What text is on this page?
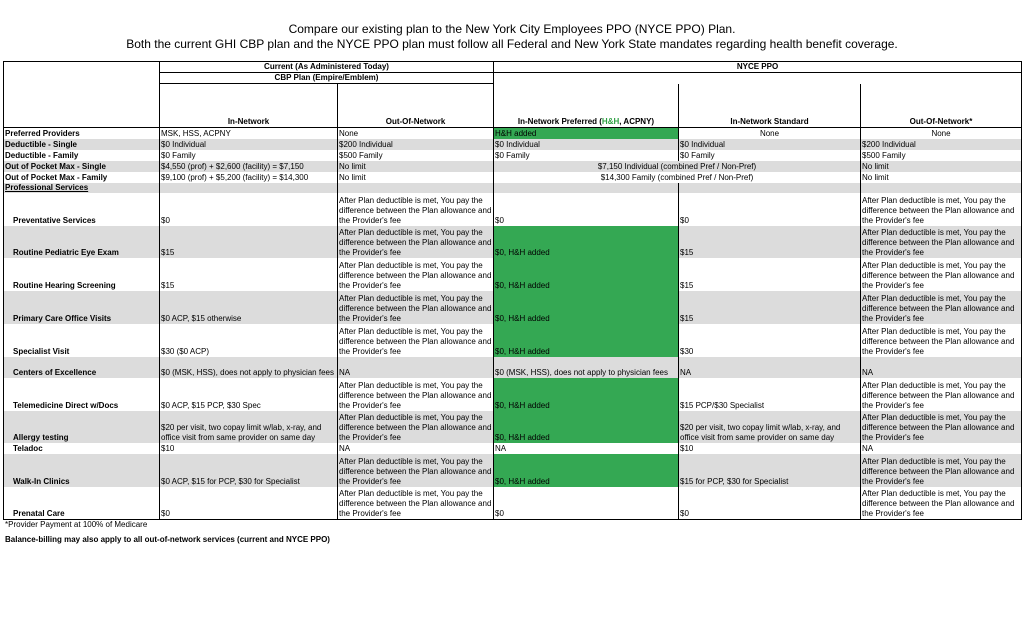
Compare our existing plan to the New York City Employees PPO (NYCE PPO) Plan.
Both the current GHI CBP plan and the NYCE PPO plan must follow all Federal and New York State mandates regarding health benefit coverage.
	Current (As Administered Today)		NYCE PPO		
	CBP Plan (Empire/Emblem)				
	In-Network	Out-Of-Network	In-Network Preferred (H&H, ACPNY)	In-Network Standard	Out-Of-Network*
Preferred Providers	MSK, HSS, ACPNY	None	H&H added	None	None
Deductible - Single	$0 Individual	$200 Individual	$0 Individual	$0 Individual	$200 Individual
Deductible - Family	$0 Family	$500 Family	$0 Family	$0 Family	$500 Family
Out of Pocket Max - Single	$4,550 (prof) + $2,600 (facility) = $7,150	No limit	$7,150 Individual (combined Pref / Non-Pref)		No limit
Out of Pocket Max - Family	$9,100 (prof) + $5,200 (facility) = $14,300	No limit	$14,300 Family (combined Pref / Non-Pref)		No limit
Professional Services					
Preventative Services	$0	After Plan deductible is met, You pay the difference between the Plan allowance and the Provider's fee	$0	$0	After Plan deductible is met, You pay the difference between the Plan allowance and the Provider's fee
Routine Pediatric Eye Exam	$15	After Plan deductible is met, You pay the difference between the Plan allowance and the Provider's fee	$0, H&H added	$15	After Plan deductible is met, You pay the difference between the Plan allowance and the Provider's fee
Routine Hearing Screening	$15	After Plan deductible is met, You pay the difference between the Plan allowance and the Provider's fee	$0, H&H added	$15	After Plan deductible is met, You pay the difference between the Plan allowance and the Provider's fee
Primary Care Office Visits	$0 ACP, $15 otherwise	After Plan deductible is met, You pay the difference between the Plan allowance and the Provider's fee	$0, H&H added	$15	After Plan deductible is met, You pay the difference between the Plan allowance and the Provider's fee
Specialist Visit	$30 ($0 ACP)	After Plan deductible is met, You pay the difference between the Plan allowance and the Provider's fee	$0, H&H added	$30	After Plan deductible is met, You pay the difference between the Plan allowance and the Provider's fee
Centers of Excellence	$0 (MSK, HSS), does not apply to physician fees	NA	$0 (MSK, HSS), does not apply to physician fees	NA	NA
Telemedicine Direct w/Docs	$0 ACP, $15 PCP, $30 Spec	After Plan deductible is met, You pay the difference between the Plan allowance and the Provider's fee	$0, H&H added	$15 PCP/$30 Specialist	After Plan deductible is met, You pay the difference between the Plan allowance and the Provider's fee
Allergy testing	$20 per visit, two copay limit w/lab, x-ray, and office visit from same provider on same day	After Plan deductible is met, You pay the difference between the Plan allowance and the Provider's fee	$0, H&H added	$20 per visit, two copay limit w/lab, x-ray, and office visit from same provider on same day	After Plan deductible is met, You pay the difference between the Plan allowance and the Provider's fee
Teladoc	$10	NA	NA	$10	NA
Walk-In Clinics	$0 ACP, $15 for PCP, $30 for Specialist	After Plan deductible is met, You pay the difference between the Plan allowance and the Provider's fee	$0, H&H added	$15 for PCP, $30 for Specialist	After Plan deductible is met, You pay the difference between the Plan allowance and the Provider's fee
Prenatal Care	$0	After Plan deductible is met, You pay the difference between the Plan allowance and the Provider's fee	$0	$0	After Plan deductible is met, You pay the difference between the Plan allowance and the Provider's fee
*Provider Payment at 100% of Medicare
Balance-billing may also apply to all out-of-network services (current and NYCE PPO)
